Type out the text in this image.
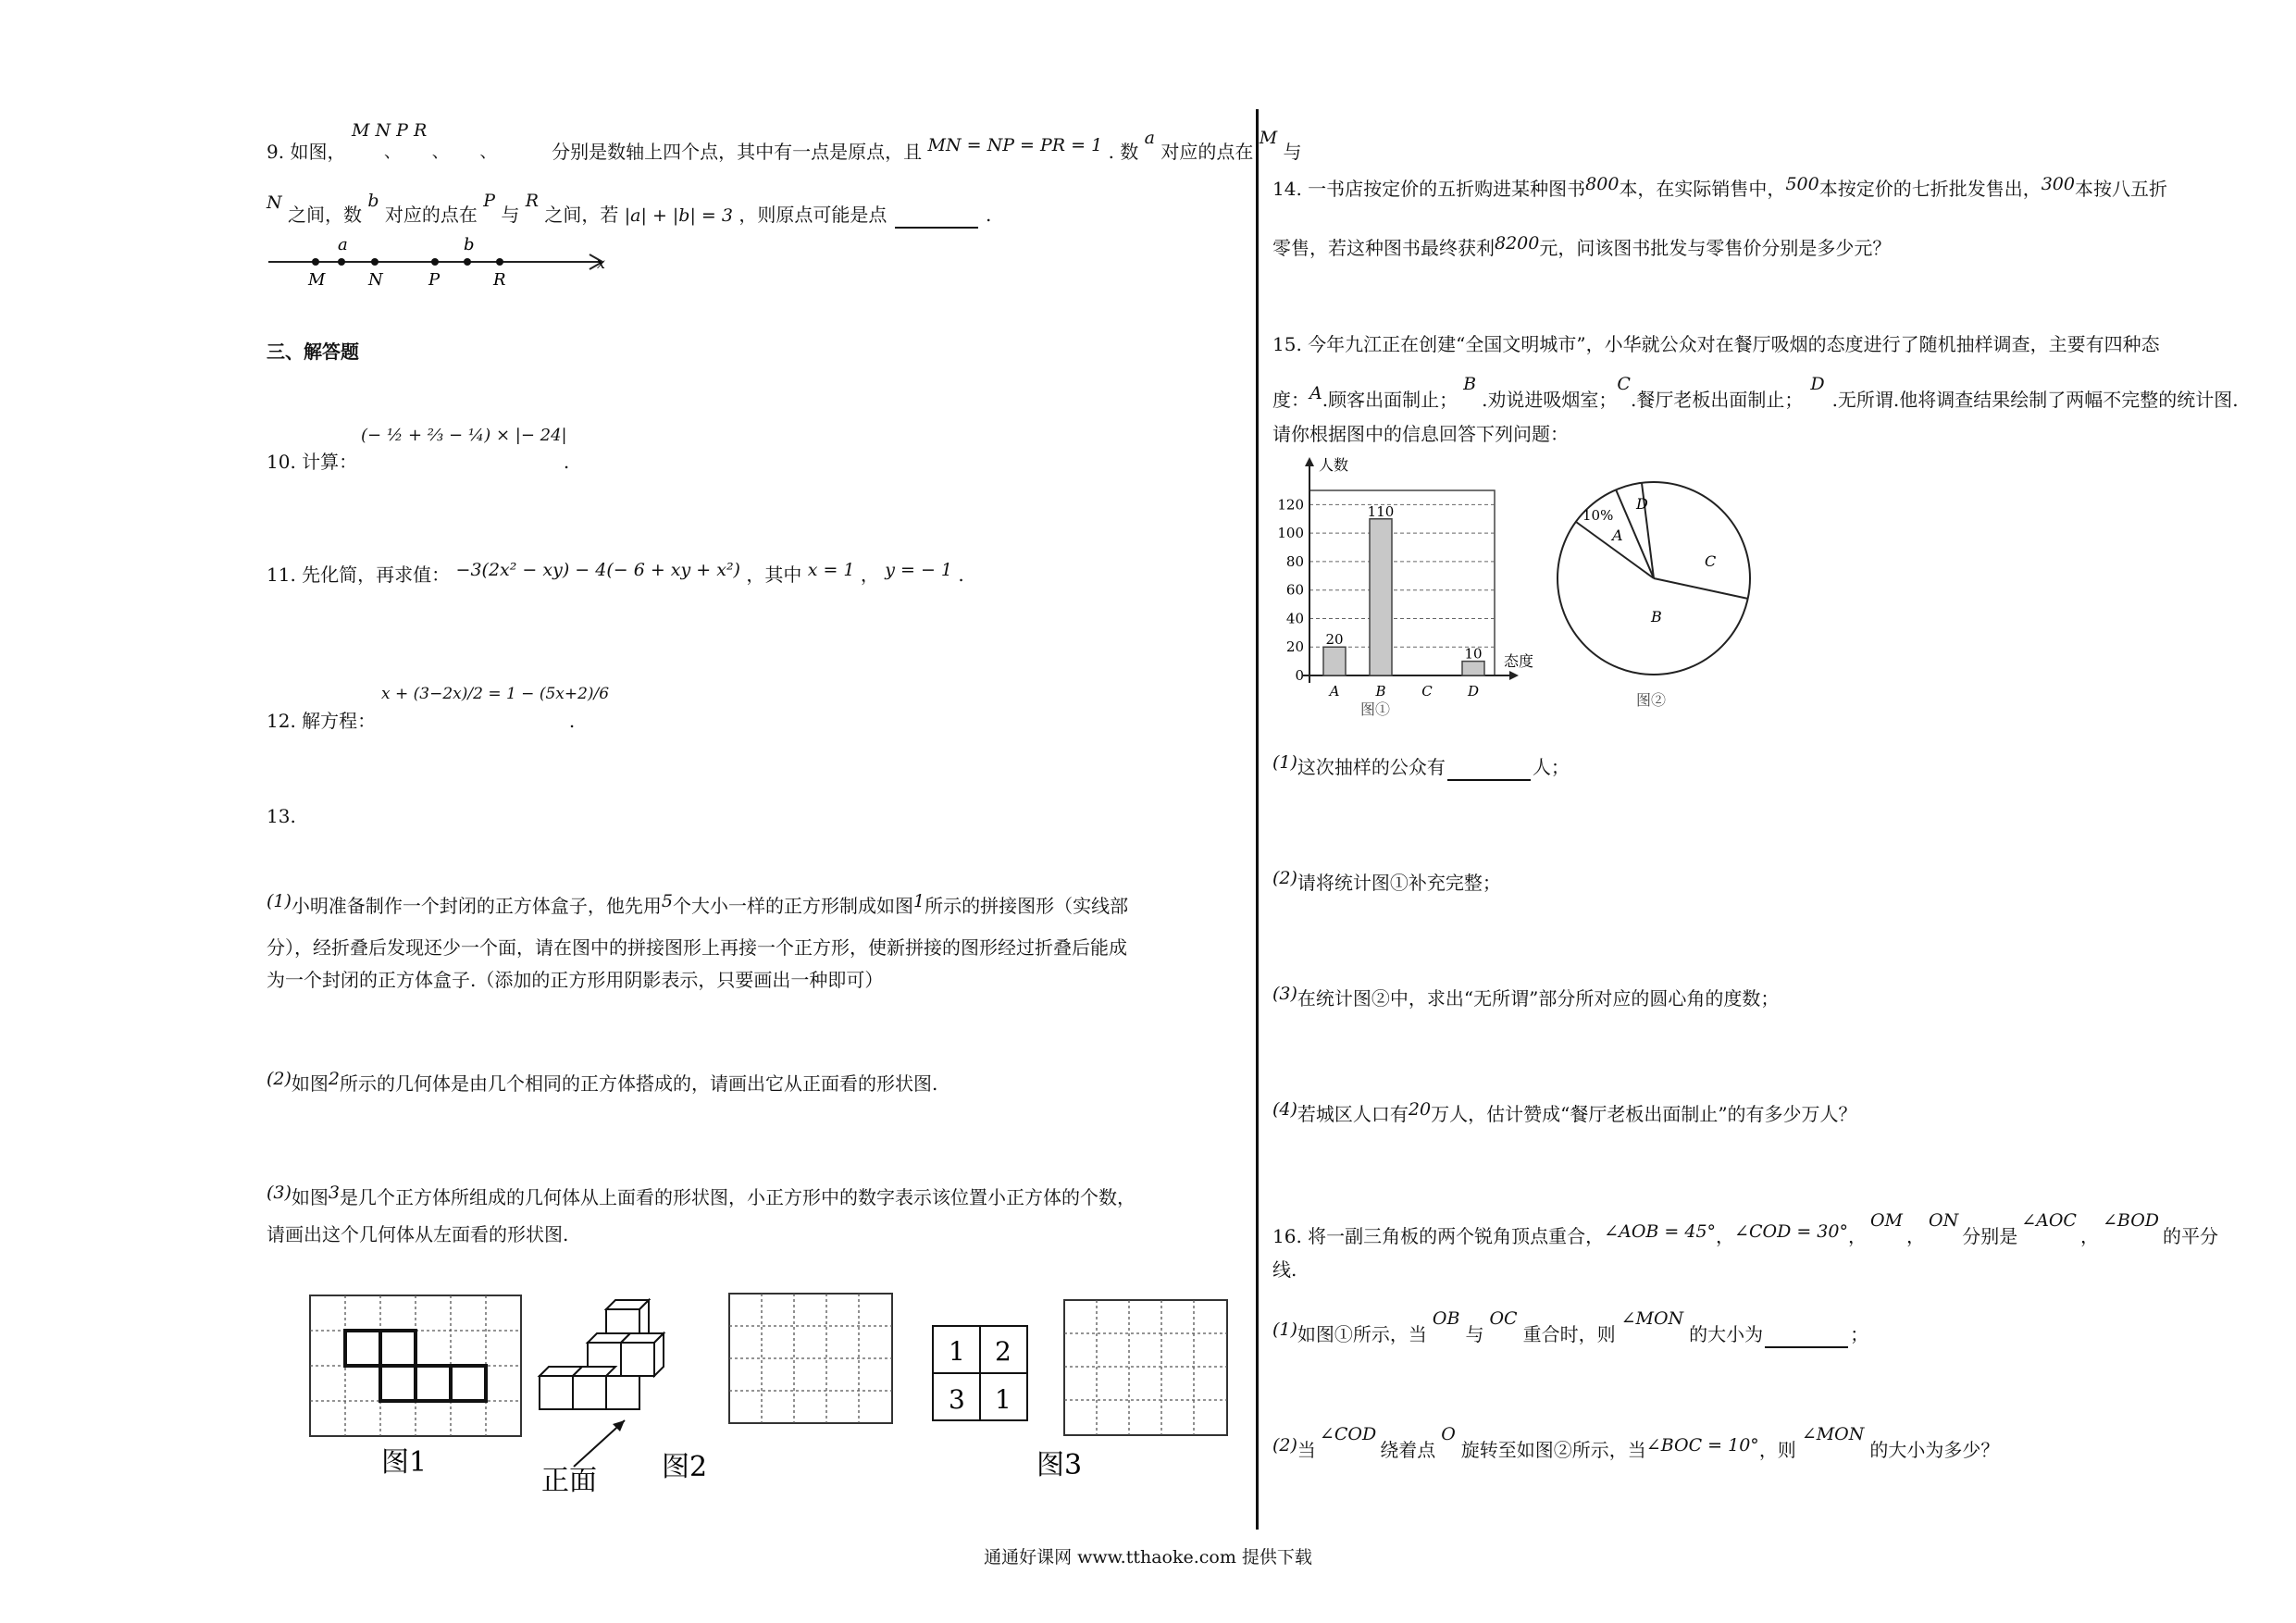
M N P R
、 、 、
9. 如图，	分别是数轴上四个点，其中有一点是原点，且 MN = NP = PR = 1 . 数 a 对应的点在 M 与
N 之间，数 b 对应的点在 P 与 R 之间，若 |a| + |b| = 3 ，则原点可能是点	.
a	b
M	N	P	R
x
三、解答题
(− ½ + ⅔ − ¼) × |− 24|
10. 计算：	.
11. 先化简，再求值： −3(2x² − xy) − 4(− 6 + xy + x²) ，其中 x = 1 ， y = − 1 .
x + (3−2x)/2 = 1 − (5x+2)/6
12. 解方程：	.
13.
(1)小明准备制作一个封闭的正方体盒子，他先用5个大小一样的正方形制成如图1所示的拼接图形（实线部
分），经折叠后发现还少一个面，请在图中的拼接图形上再接一个正方形，使新拼接的图形经过折叠后能成
为一个封闭的正方体盒子.（添加的正方形用阴影表示，只要画出一种即可）
(2)如图2所示的几何体是由几个相同的正方体搭成的，请画出它从正面看的形状图.
(3)如图3是几个正方体所组成的几何体从上面看的形状图，小正方形中的数字表示该位置小正方体的个数，
请画出这个几何体从左面看的形状图.
图1
正面 图2
1 2
3 1
图3
14. 一书店按定价的五折购进某种图书800本，在实际销售中，500本按定价的七折批发售出，300本按八五折
零售，若这种图书最终获利8200元，问该图书批发与零售价分别是多少元？
15. 今年九江正在创建“全国文明城市”，小华就公众对在餐厅吸烟的态度进行了随机抽样调查，主要有四种态
度：A.顾客出面制止；B.劝说进吸烟室；C.餐厅老板出面制止；D.无所谓.他将调查结果绘制了两幅不完整的统计图.
请你根据图中的信息回答下列问题：
0
20
40
60
80
100
120
人数
态度
20
A
110
B	C
10
D
图①
10%
A
D
C
B
图②
(1)这次抽样的公众有	人；
(2)请将统计图①补充完整；
(3)在统计图②中，求出“无所谓”部分所对应的圆心角的度数；
(4)若城区人口有20万人，估计赞成“餐厅老板出面制止”的有多少万人？
16. 将一副三角板的两个锐角顶点重合，∠AOB = 45°，∠COD = 30°，OM，ON分别是∠AOC，∠BOD的平分
线.
(1)如图①所示，当OB与OC重合时，则∠MON的大小为	；
(2)当∠COD绕着点O旋转至如图②所示，当∠BOC = 10°，则∠MON的大小为多少？
通通好课网 www.tthaoke.com 提供下载
